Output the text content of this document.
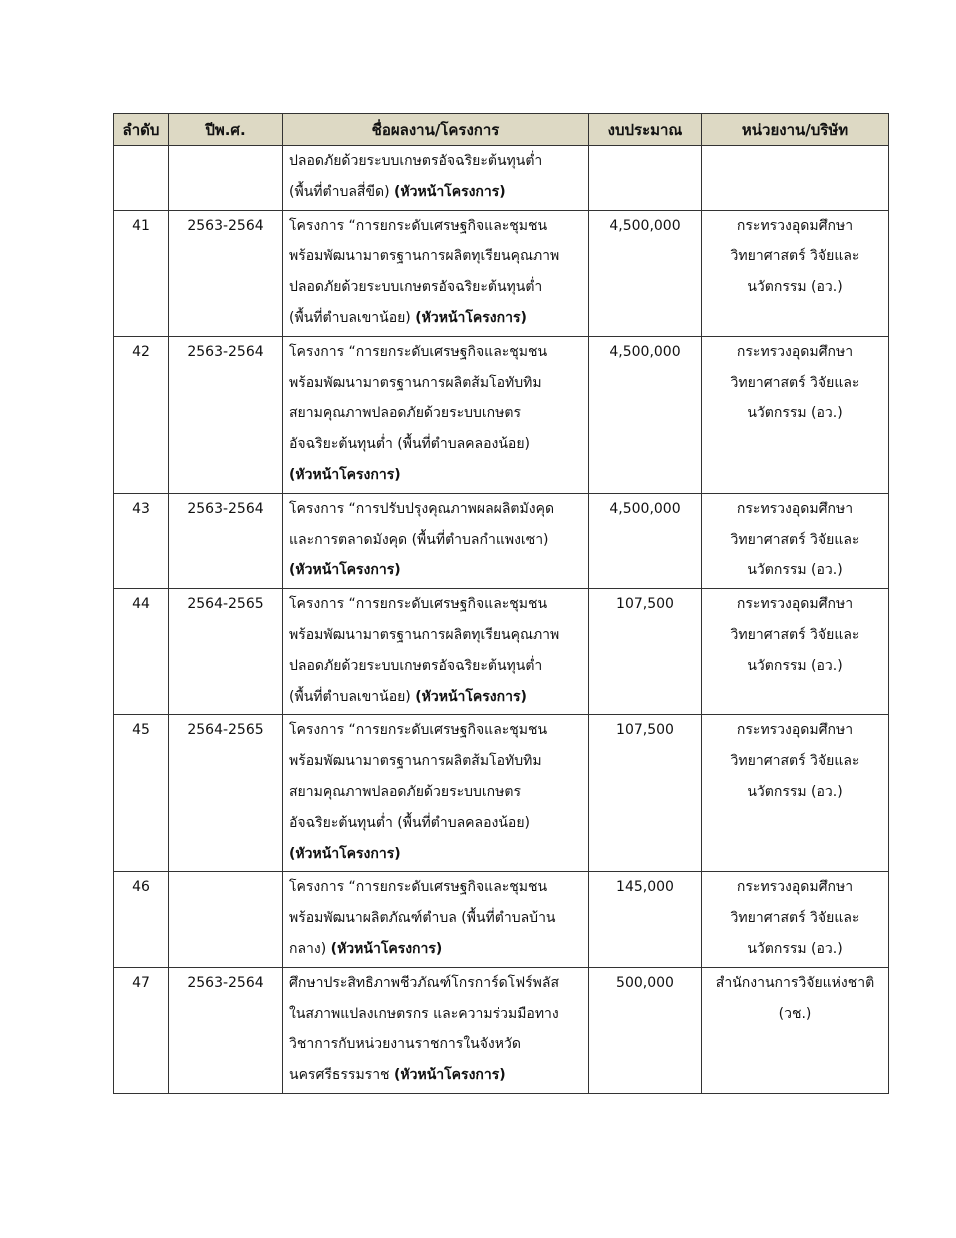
ลำดับ	ปีพ.ศ.	ชื่อผลงาน/โครงการ	งบประมาณ	หน่วยงาน/บริษัท

		ปลอดภัยด้วยระบบเกษตรอัจฉริยะต้นทุนต่ำ
(พื้นที่ตำบลสี่ขีด) (หัวหน้าโครงการ)		

41	2563-2564	โครงการ “การยกระดับเศรษฐกิจและชุมชน
พร้อมพัฒนามาตรฐานการผลิตทุเรียนคุณภาพ
ปลอดภัยด้วยระบบเกษตรอัจฉริยะต้นทุนต่ำ
(พื้นที่ตำบลเขาน้อย) (หัวหน้าโครงการ)	4,500,000	กระทรวงอุดมศึกษา
วิทยาศาสตร์ วิจัยและ
นวัตกรรม (อว.)

42	2563-2564	โครงการ “การยกระดับเศรษฐกิจและชุมชน
พร้อมพัฒนามาตรฐานการผลิตส้มโอทับทิม
สยามคุณภาพปลอดภัยด้วยระบบเกษตร
อัจฉริยะต้นทุนต่ำ (พื้นที่ตำบลคลองน้อย)
(หัวหน้าโครงการ)	4,500,000	กระทรวงอุดมศึกษา
วิทยาศาสตร์ วิจัยและ
นวัตกรรม (อว.)

43	2563-2564	โครงการ “การปรับปรุงคุณภาพผลผลิตมังคุด
และการตลาดมังคุด (พื้นที่ตำบลกำแพงเซา)
(หัวหน้าโครงการ)	4,500,000	กระทรวงอุดมศึกษา
วิทยาศาสตร์ วิจัยและ
นวัตกรรม (อว.)

44	2564-2565	โครงการ “การยกระดับเศรษฐกิจและชุมชน
พร้อมพัฒนามาตรฐานการผลิตทุเรียนคุณภาพ
ปลอดภัยด้วยระบบเกษตรอัจฉริยะต้นทุนต่ำ
(พื้นที่ตำบลเขาน้อย) (หัวหน้าโครงการ)	107,500	กระทรวงอุดมศึกษา
วิทยาศาสตร์ วิจัยและ
นวัตกรรม (อว.)

45	2564-2565	โครงการ “การยกระดับเศรษฐกิจและชุมชน
พร้อมพัฒนามาตรฐานการผลิตส้มโอทับทิม
สยามคุณภาพปลอดภัยด้วยระบบเกษตร
อัจฉริยะต้นทุนต่ำ (พื้นที่ตำบลคลองน้อย)
(หัวหน้าโครงการ)	107,500	กระทรวงอุดมศึกษา
วิทยาศาสตร์ วิจัยและ
นวัตกรรม (อว.)

46		โครงการ “การยกระดับเศรษฐกิจและชุมชน
พร้อมพัฒนาผลิตภัณฑ์ตำบล (พื้นที่ตำบลบ้าน
กลาง) (หัวหน้าโครงการ)	145,000	กระทรวงอุดมศึกษา
วิทยาศาสตร์ วิจัยและ
นวัตกรรม (อว.)

47	2563-2564	ศึกษาประสิทธิภาพชีวภัณฑ์โกรการ์ดโฟร์พลัส
ในสภาพแปลงเกษตรกร และความร่วมมือทาง
วิชาการกับหน่วยงานราชการในจังหวัด
นครศรีธรรมราช (หัวหน้าโครงการ)	500,000	สำนักงานการวิจัยแห่งชาติ
(วช.)
